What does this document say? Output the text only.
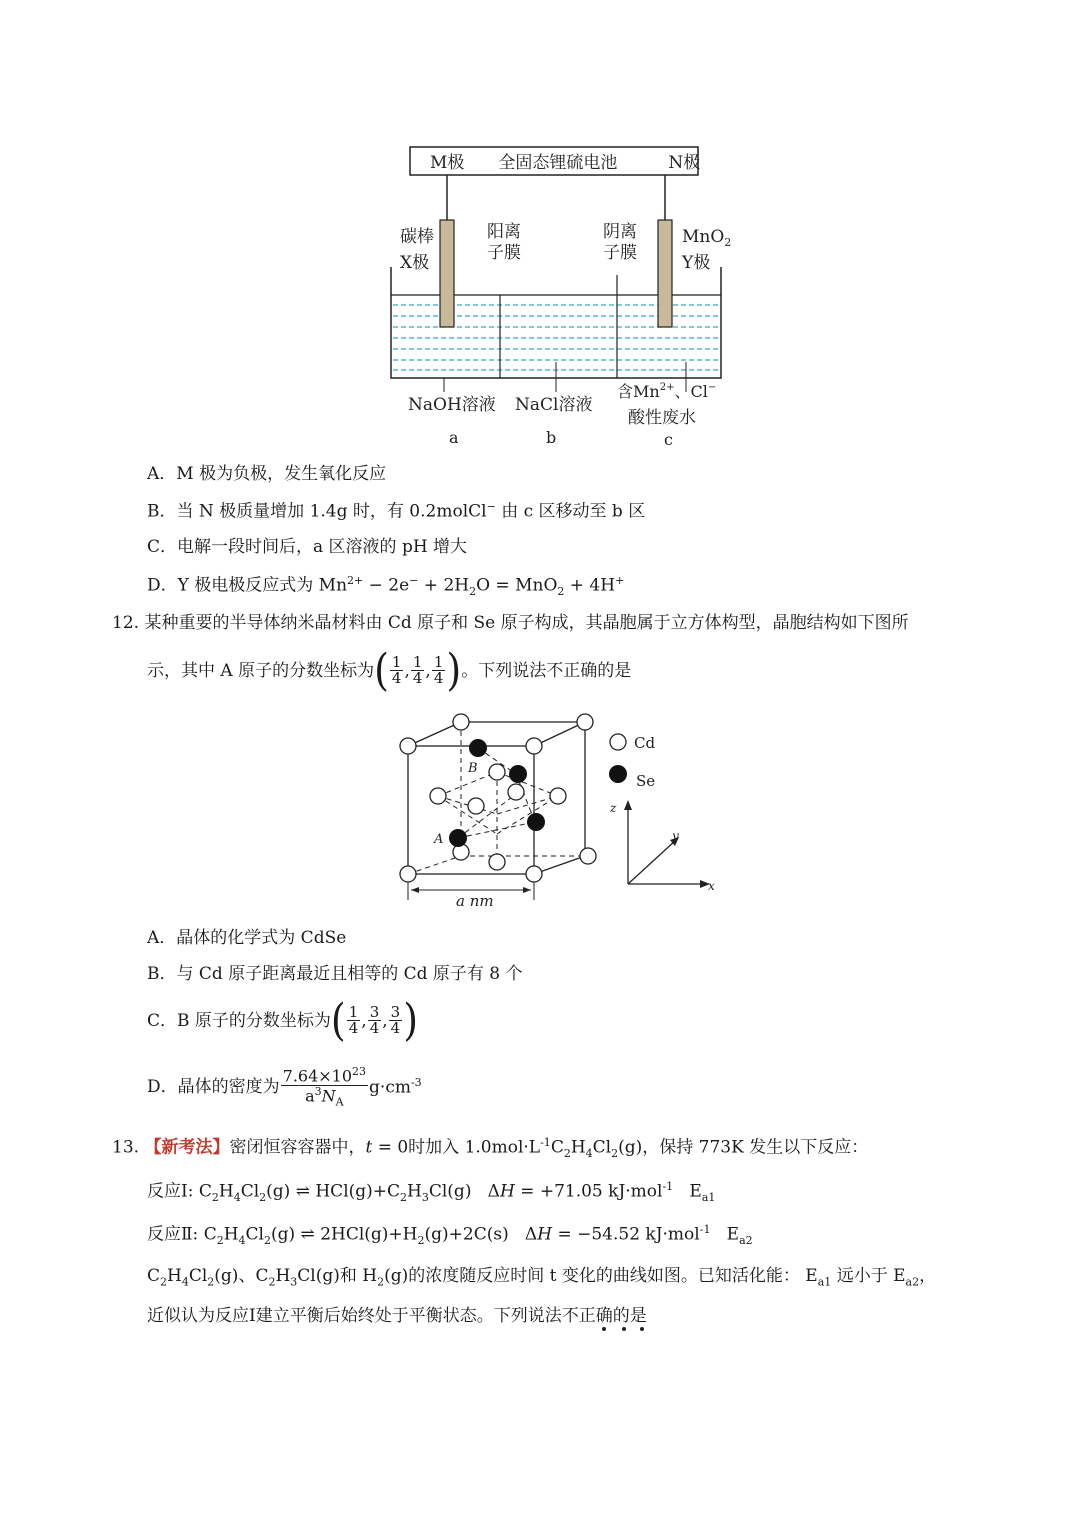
M极　　全固态锂硫电池　　　N极
碳棒
X极
阳离
子膜
阴离
子膜
MnO$_2$
Y极
NaOH溶液 NaCl溶液
含$Mn^{2+}$、Cl−
酸性废水
a	b	c
A．M 极为负极，发生氧化反应
B．当 N 极质量增加 1.4g 时，有 0.2molCl− 由 c 区移动至 b 区
C．电解一段时间后，a 区溶液的 pH 增大
D．Y 极电极反应式为 $Mn^{2+} - 2e^- + 2H_2O = MnO_2 + 4H^+$
12. 某种重要的半导体纳米晶材料由 Cd 原子和 Se 原子构成，其晶胞属于立方体构型，晶胞结构如下图所
示，其中 A 原子的分数坐标为 ( $\frac{1}{4}$ , $\frac{1}{4}$ , $\frac{1}{4}$ ) 。下列说法不正确的是
B
A
a nm
Cd
Se
z
y
x
A．晶体的化学式为 CdSe
B．与 Cd 原子距离最近且相等的 Cd 原子有 8 个
C．B 原子的分数坐标为 ( $\frac{1}{4}$ , $\frac{3}{4}$ , $\frac{3}{4}$ )
D．晶体的密度为 $\frac{7.64\times 10^{23}}{a^3N_A} g\cdot cm^{-3}$
13. 【新考法】密闭恒容容器中，t = 0时加入 $1.0mol\cdot L^{-1}C_2H_4Cl_2(g)$，保持 773K 发生以下反应：
反应Ⅰ: $C_2H_4Cl_2(g)$ ⇌ $HCl(g)+C_2H_3Cl(g) \Delta H = +71.05$ kJ·mol$^{-1}$   $E_{a1}$
反应Ⅱ: $C_2H_4Cl_2(g)$ ⇌ $2HCl(g)+H_2(g)+2C(s) \Delta H = -54.52$ kJ·mol$^{-1}$   $E_{a2}$
$C_2H_4Cl_2(g)$、$C_2H_3Cl(g)$和 $H_2(g)$的浓度随反应时间 t 变化的曲线如图。已知活化能： $E_{a1}$ 远小于 $E_{a2}$，
近似认为反应Ⅰ建立平衡后始终处于平衡状态。下列说法不正确的是
